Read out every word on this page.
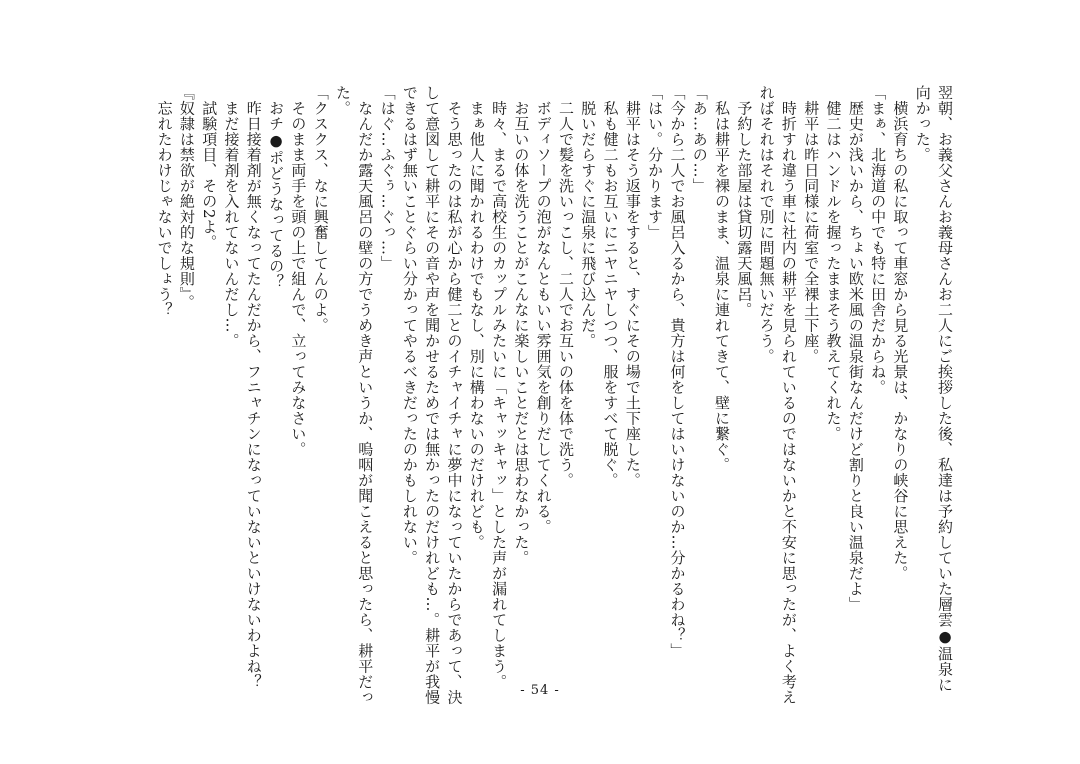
翌朝、お義父さんお義母さんお二人にご挨拶した後、私達は予約していた層雲●温泉に
向かった。
　横浜育ちの私に取って車窓から見る光景は、かなりの峡谷に思えた。
「まぁ、北海道の中でも特に田舎だからね。
　歴史が浅いから、ちょい欧米風の温泉街なんだけど割りと良い温泉だよ」
　健二はハンドルを握ったままそう教えてくれた。
　耕平は昨日同様に荷室で全裸土下座。
　時折すれ違う車に社内の耕平を見られているのではないかと不安に思ったが、よく考え
ればそれはそれで別に問題無いだろう。
　予約した部屋は貸切露天風呂。
　私は耕平を裸のまま、温泉に連れてきて、壁に繋ぐ。
「あ…あの…」
「今から二人でお風呂入るから、貴方は何をしてはいけないのか…分かるわね？」
「はい。分かります」
　耕平はそう返事をすると、すぐにその場で土下座した。
　私も健二もお互いにニヤニヤしつつ、服をすべて脱ぐ。
　脱いだらすぐに温泉に飛び込んだ。
　二人で髪を洗いっこし、二人でお互いの体を体で洗う。
　ボディソープの泡がなんともいい雰囲気を創りだしてくれる。
　お互いの体を洗うことがこんなに楽しいことだとは思わなかった。
　時々、まるで高校生のカップルみたいに「キャッキャッ」とした声が漏れてしまう。
　まぁ他人に聞かれるわけでもなし、別に構わないのだけれども。
　そう思ったのは私が心から健二とのイチャイチャに夢中になっていたからであって、決
して意図して耕平にその音や声を聞かせるためでは無かったのだけれども…。耕平が我慢
できるはず無いことぐらい分かってやるべきだったのかもしれない。
「はぐ…ふぐぅ…ぐっ…」
　なんだか露天風呂の壁の方でうめき声というか、嗚咽が聞こえると思ったら、耕平だっ
た。
「クスクス、なに興奮してんのよ。
　そのまま両手を頭の上で組んで、立ってみなさい。
　おチ●ポどうなってるの？
　昨日接着剤が無くなってたんだから、フニャチンになっていないといけないわよね？
　まだ接着剤を入れてないんだし…。
　試験項目、その2よ。
『奴隷は禁欲が絶対的な規則』。
　忘れたわけじゃないでしょう？
- 54 -
